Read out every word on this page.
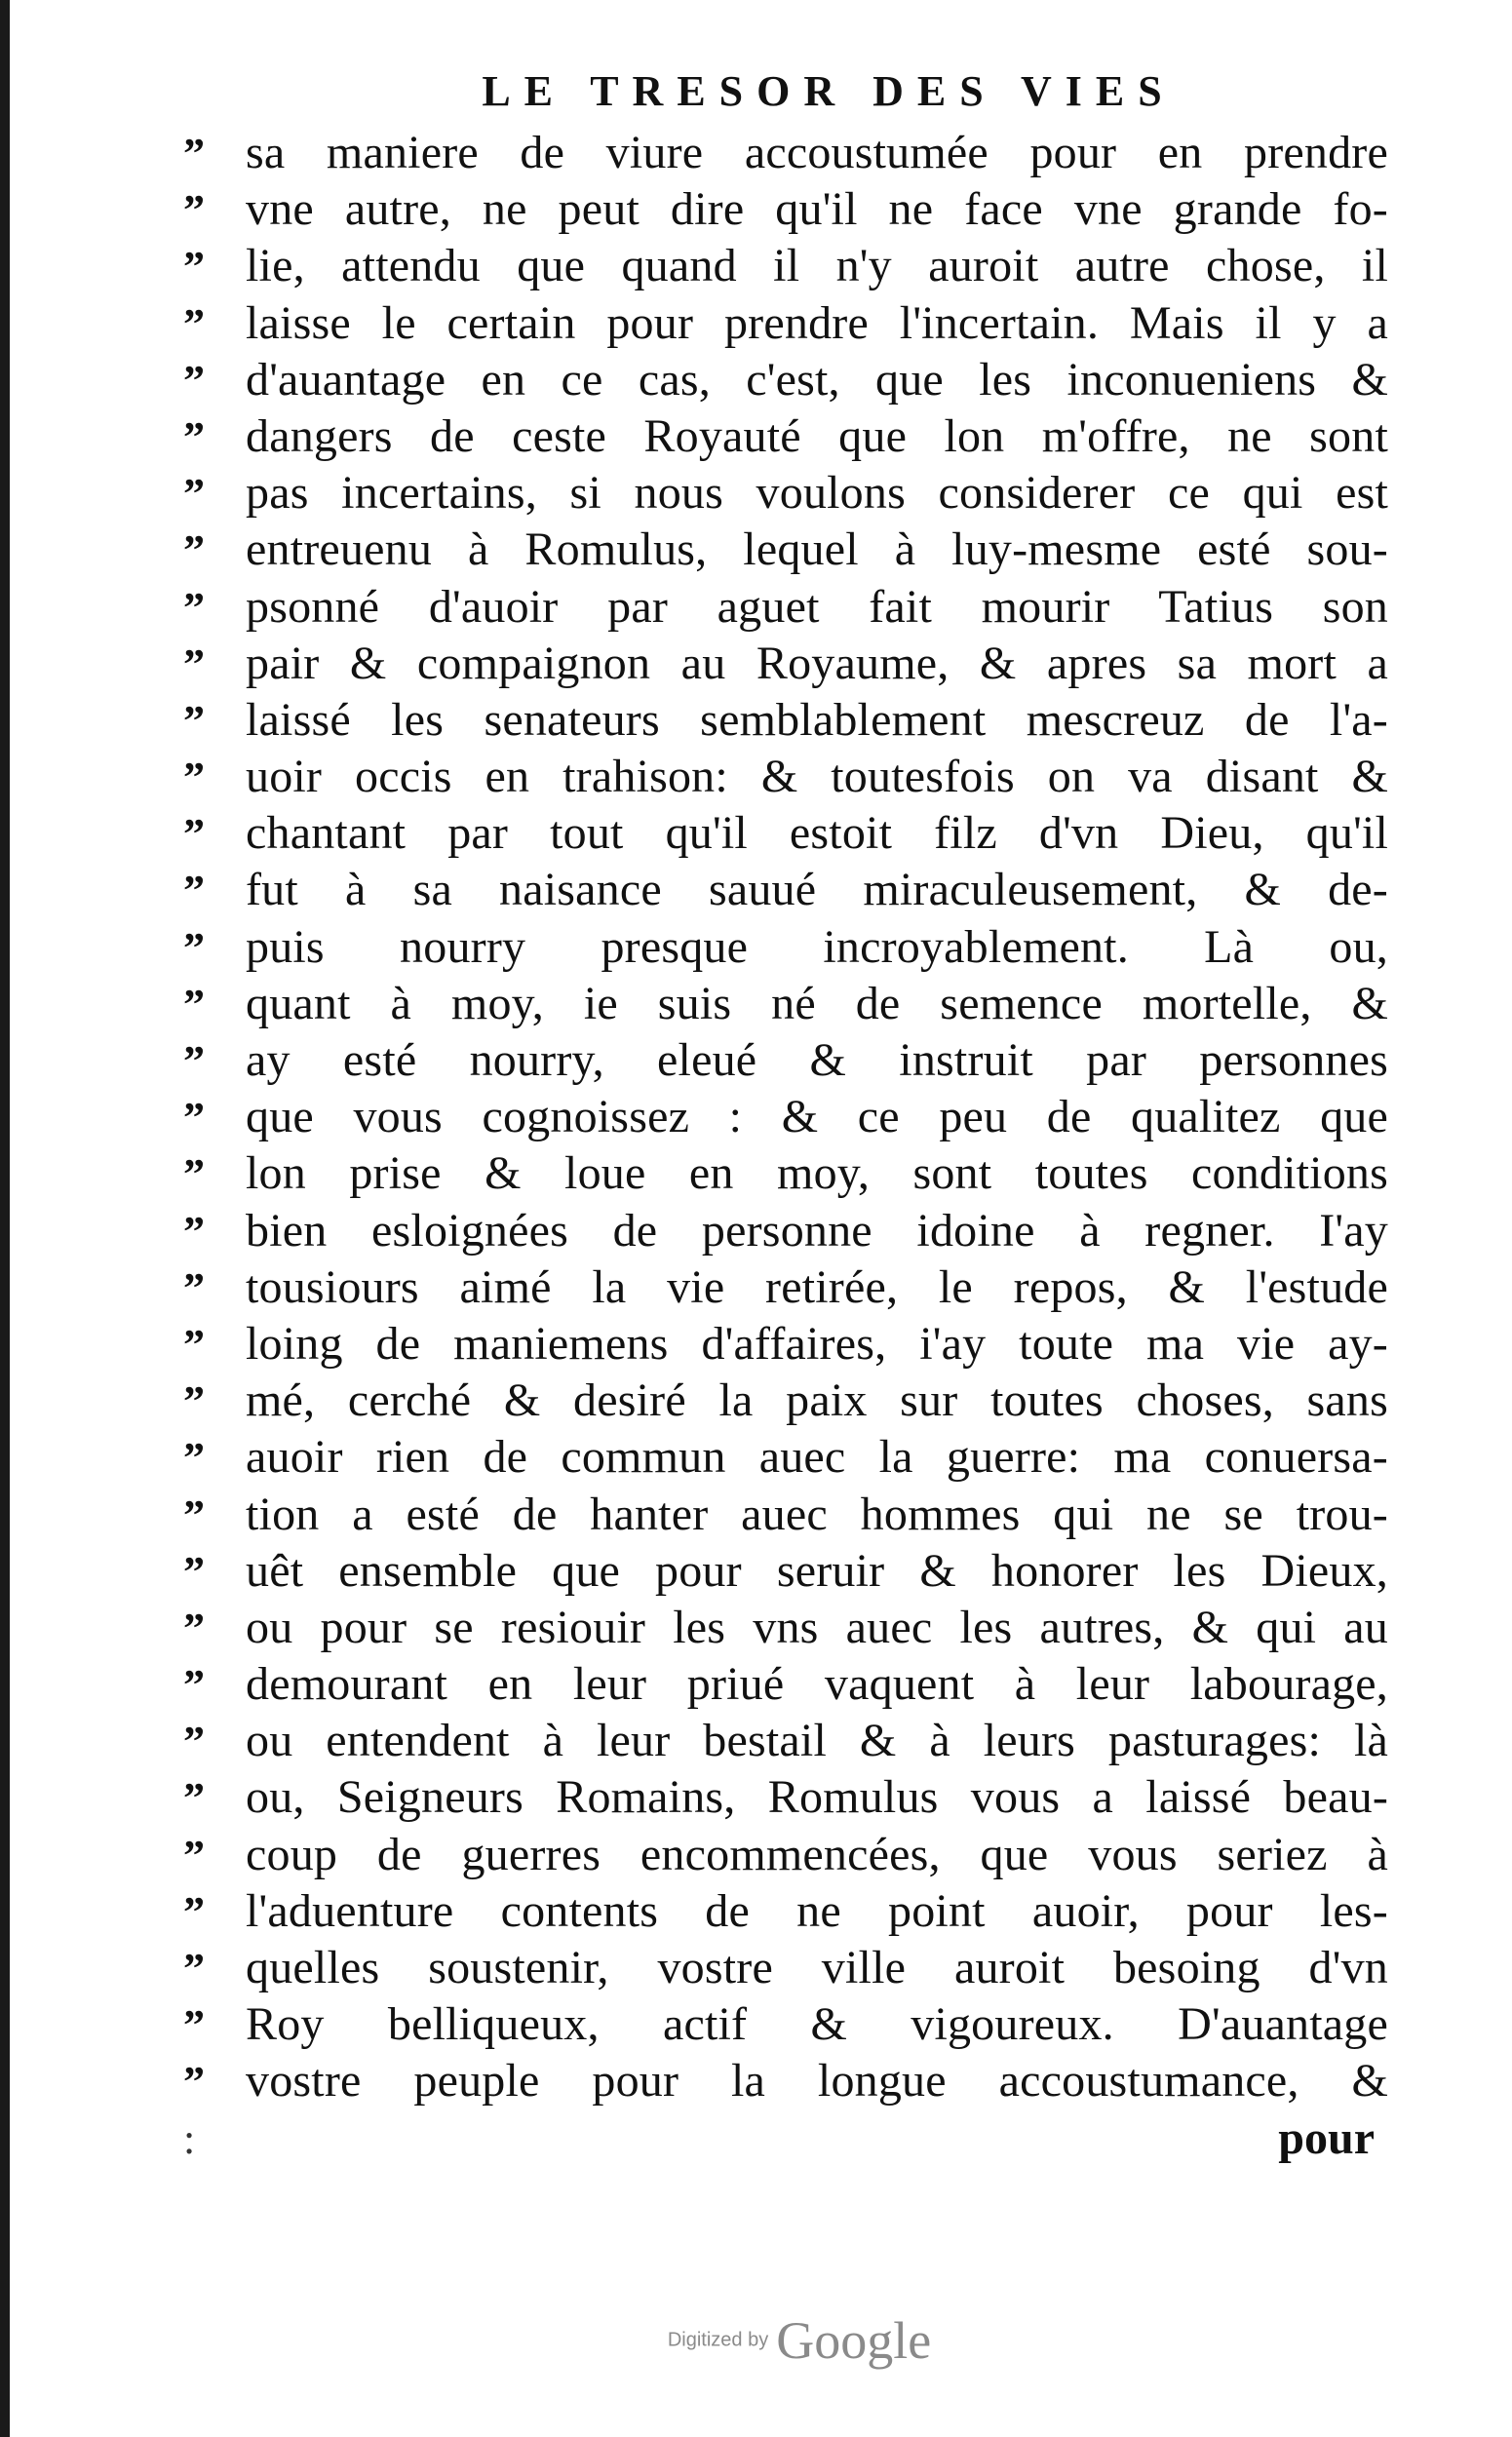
LE TRESOR DES VIES
” sa maniere de viure accoustumée pour en prendre
” vne autre, ne peut dire qu'il ne face vne grande fo-
” lie, attendu que quand il n'y auroit autre chose, il
” laisse le certain pour prendre l'incertain. Mais il y a
” d'auantage en ce cas, c'est, que les inconueniens &
” dangers de ceste Royauté que lon m'offre, ne sont
” pas incertains, si nous voulons considerer ce qui est
” entreuenu à Romulus, lequel à luy-mesme esté sou-
” psonné d'auoir par aguet fait mourir Tatius son
” pair & compaignon au Royaume, & apres sa mort a
” laissé les senateurs semblablement mescreuz de l'a-
” uoir occis en trahison: & toutesfois on va disant &
” chantant par tout qu'il estoit filz d'vn Dieu, qu'il
” fut à sa naisance sauué miraculeusement, & de-
” puis nourry presque incroyablement. Là ou,
” quant à moy, ie suis né de semence mortelle, &
” ay esté nourry, eleué & instruit par personnes
” que vous cognoissez : & ce peu de qualitez que
” lon prise & loue en moy, sont toutes conditions
” bien esloignées de personne idoine à regner. I'ay
” tousiours aimé la vie retirée, le repos, & l'estude
” loing de maniemens d'affaires, i'ay toute ma vie ay-
” mé, cerché & desiré la paix sur toutes choses, sans
” auoir rien de commun auec la guerre: ma conuersa-
” tion a esté de hanter auec hommes qui ne se trou-
” uêt ensemble que pour seruir & honorer les Dieux,
” ou pour se resiouir les vns auec les autres, & qui au
” demourant en leur priué vaquent à leur labourage,
” ou entendent à leur bestail & à leurs pasturages: là
” ou, Seigneurs Romains, Romulus vous a laissé beau-
” coup de guerres encommencées, que vous seriez à
” l'aduenture contents de ne point auoir, pour les-
” quelles soustenir, vostre ville auroit besoing d'vn
” Roy belliqueux, actif & vigoureux. D'auantage
” vostre peuple pour la longue accoustumance, &
:	pour
Digitized by Google
